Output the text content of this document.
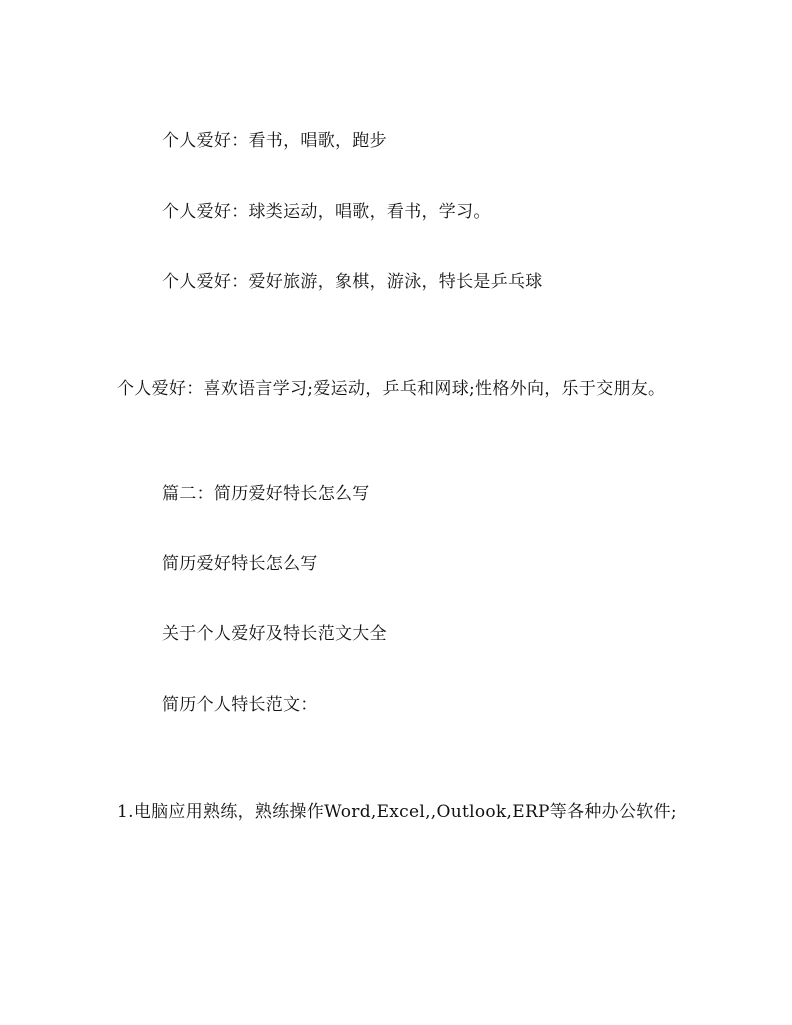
个人爱好：看书，唱歌，跑步
个人爱好：球类运动，唱歌，看书，学习。
个人爱好：爱好旅游，象棋，游泳，特长是乒乓球
个人爱好：喜欢语言学习;爱运动，乒乓和网球;性格外向，乐于交朋友。
篇二：简历爱好特长怎么写
简历爱好特长怎么写
关于个人爱好及特长范文大全
简历个人特长范文：
1.电脑应用熟练，熟练操作Word,Excel,,Outlook,ERP等各种办公软件;
